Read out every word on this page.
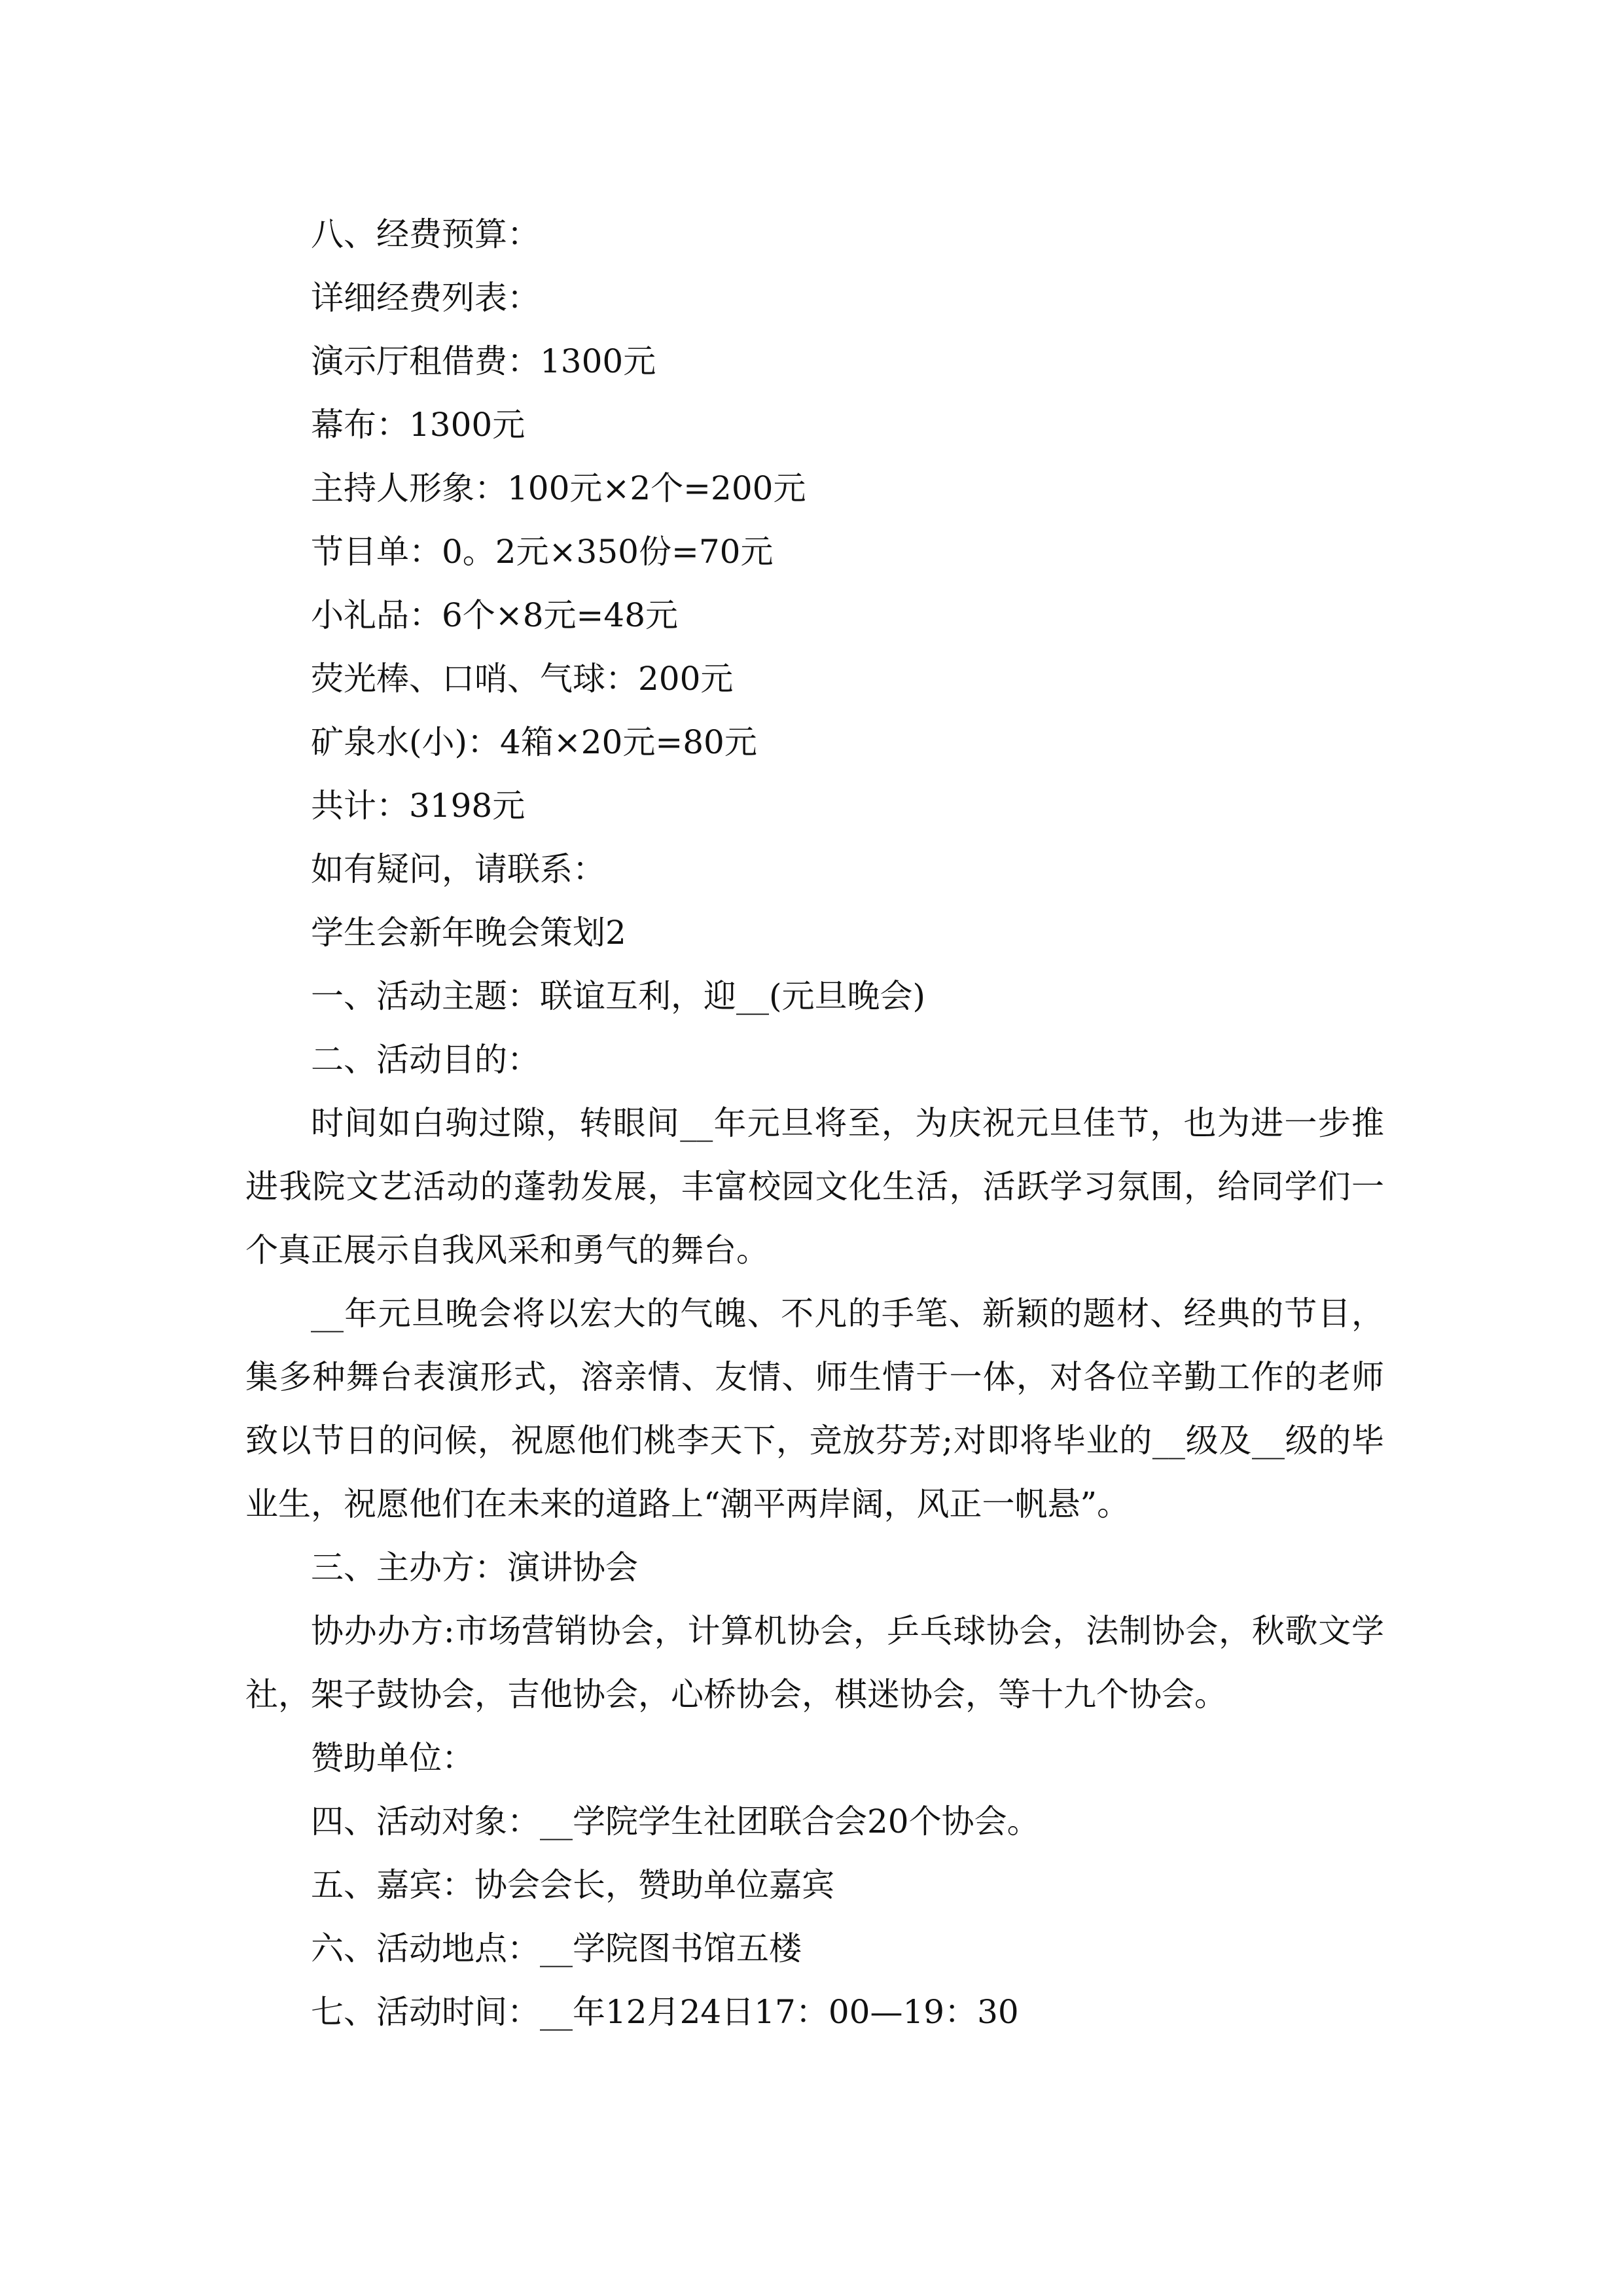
八、经费预算：
详细经费列表：
演示厅租借费：1300元
幕布：1300元
主持人形象：100元×2个=200元
节目单：0。2元×350份=70元
小礼品：6个×8元=48元
荧光棒、口哨、气球：200元
矿泉水(小)：4箱×20元=80元
共计：3198元
如有疑问，请联系：
学生会新年晚会策划2
一、活动主题：联谊互利，迎__(元旦晚会)
二、活动目的：
时间如白驹过隙，转眼间__年元旦将至，为庆祝元旦佳节，也为进一步推进我院文艺活动的蓬勃发展，丰富校园文化生活，活跃学习氛围，给同学们一个真正展示自我风采和勇气的舞台。
__年元旦晚会将以宏大的气魄、不凡的手笔、新颖的题材、经典的节目，集多种舞台表演形式，溶亲情、友情、师生情于一体，对各位辛勤工作的老师致以节日的问候，祝愿他们桃李天下，竞放芬芳;对即将毕业的__级及__级的毕业生，祝愿他们在未来的道路上“潮平两岸阔，风正一帆悬”。
三、主办方：演讲协会
协办办方:市场营销协会，计算机协会，乒乓球协会，法制协会，秋歌文学社，架子鼓协会，吉他协会，心桥协会，棋迷协会，等十九个协会。
赞助单位：
四、活动对象：__学院学生社团联合会20个协会。
五、嘉宾：协会会长，赞助单位嘉宾
六、活动地点：__学院图书馆五楼
七、活动时间：__年12月24日17：00—19：30
